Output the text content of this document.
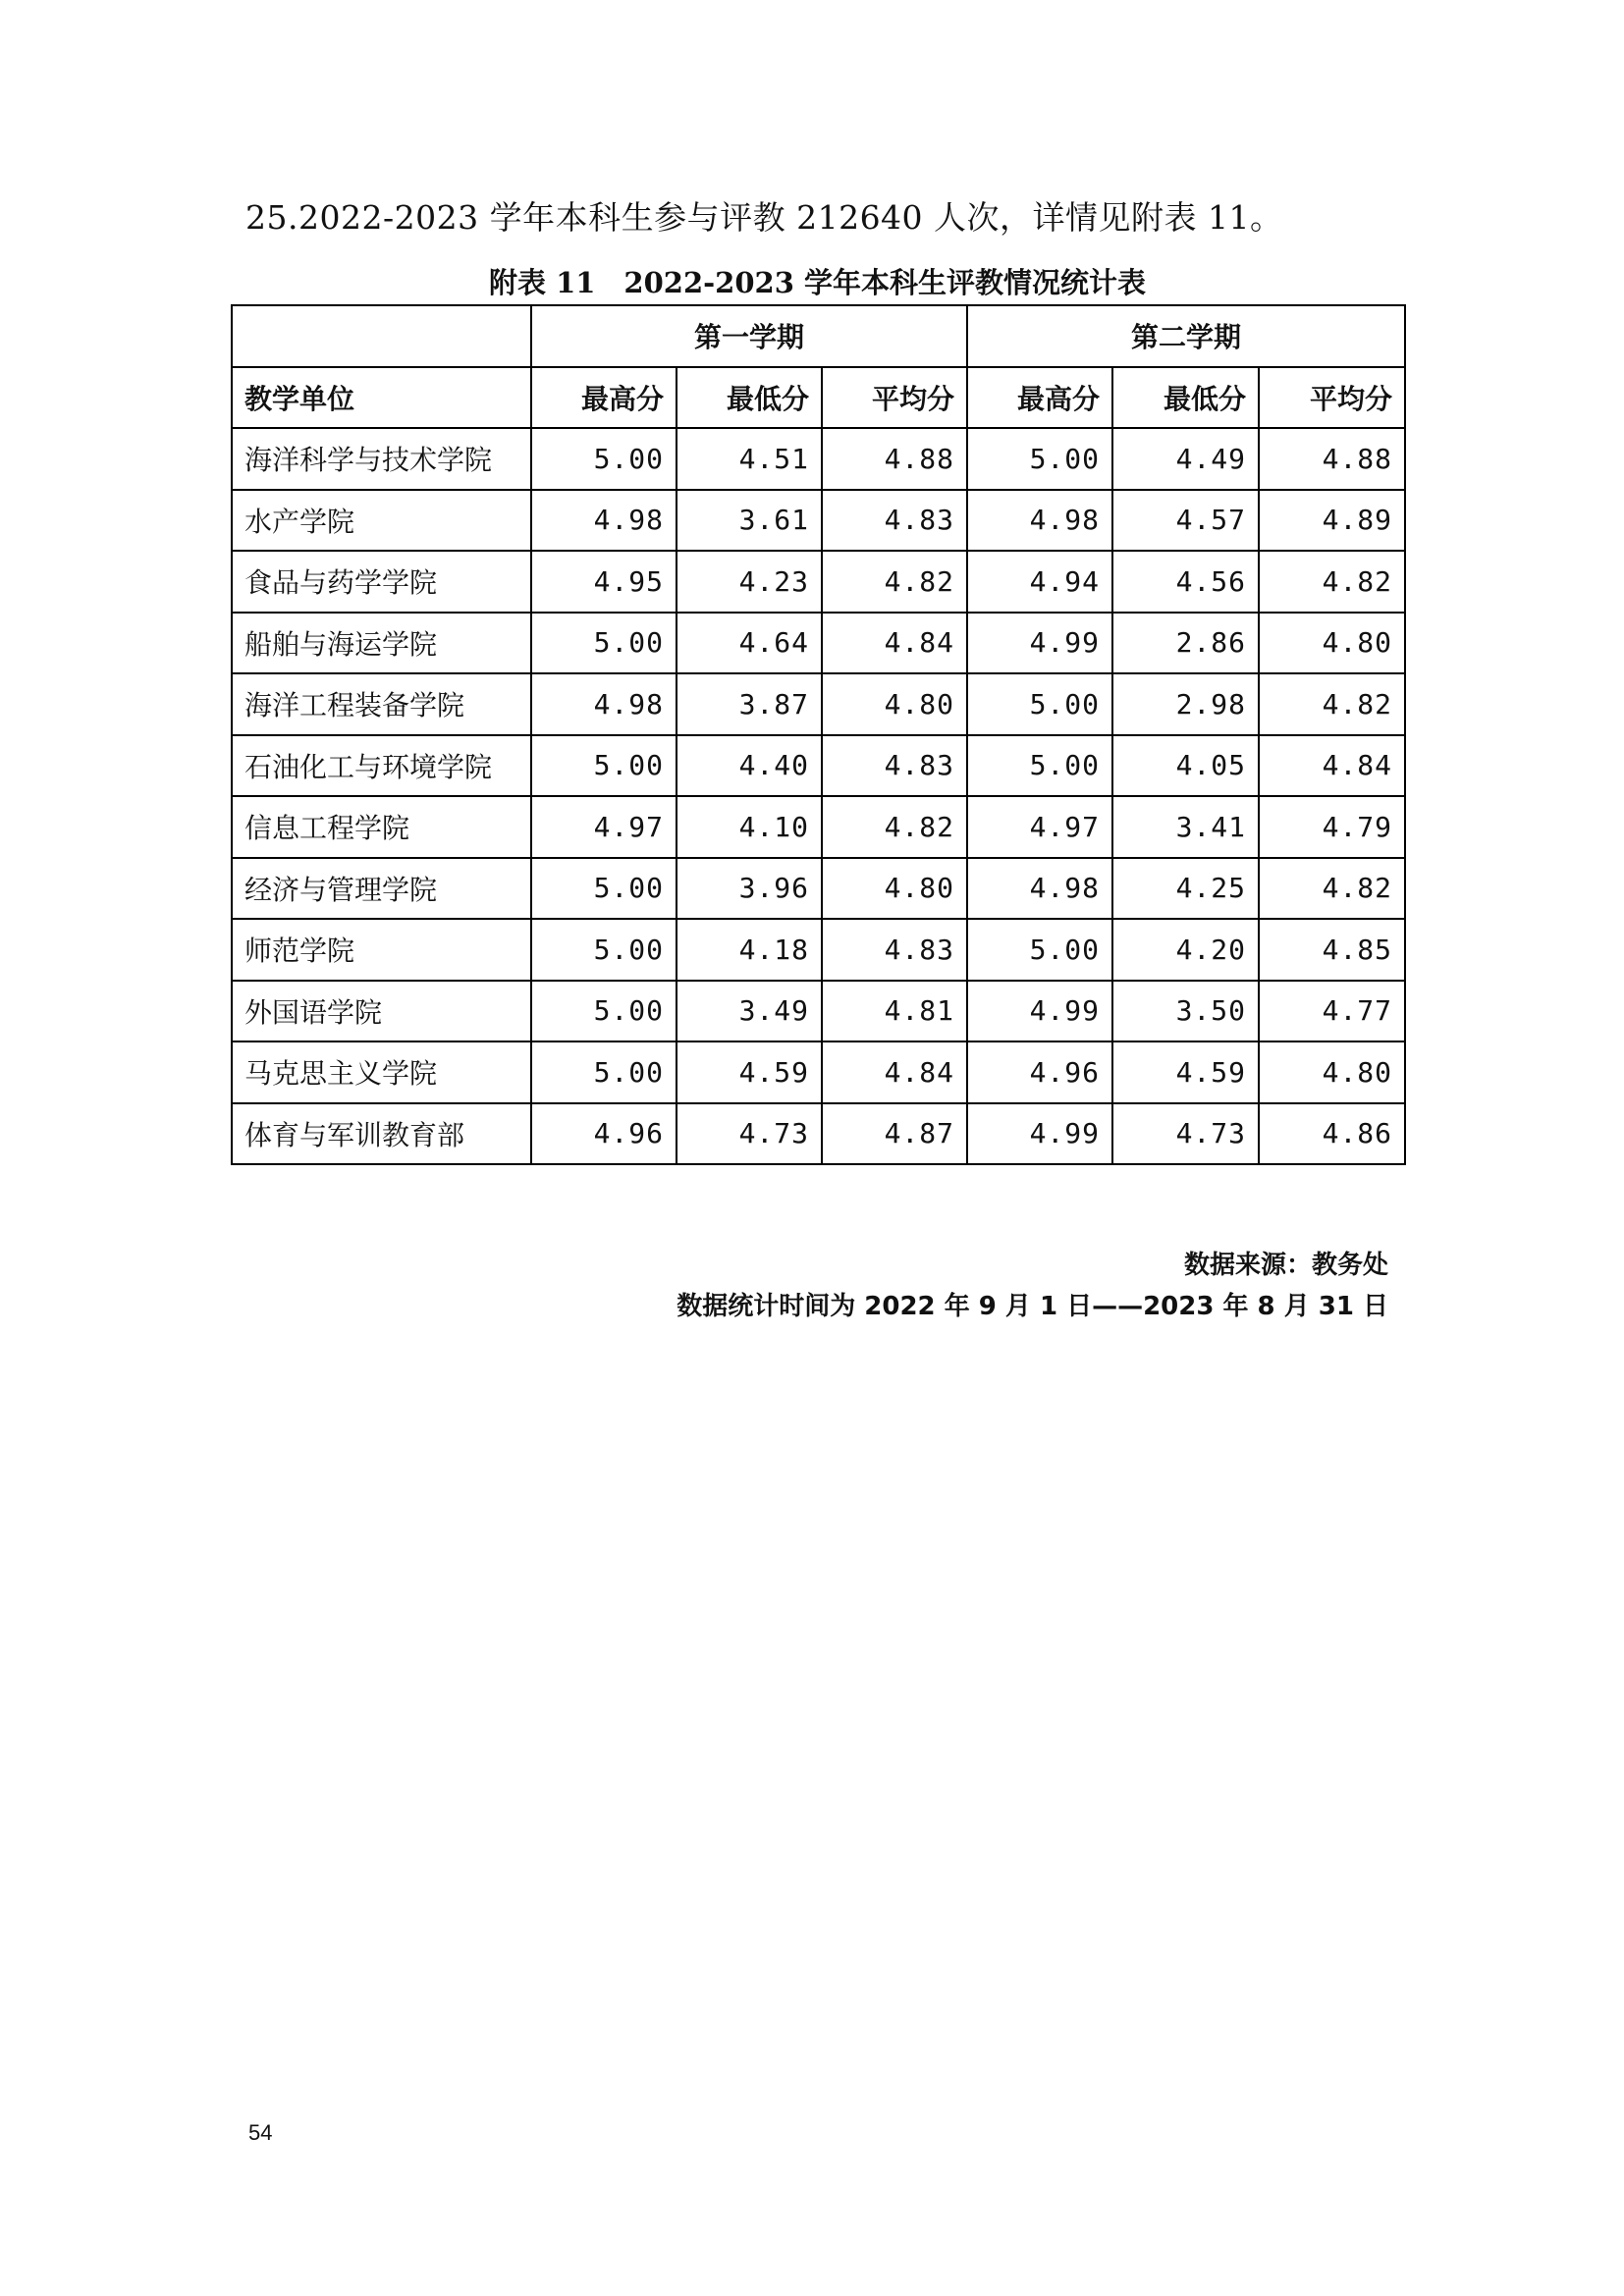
25.2022-2023 学年本科生参与评教 212640 人次，详情见附表 11。
附表 11　2022-2023 学年本科生评教情况统计表
	第一学期			第二学期		
教学单位	最高分	最低分	平均分	最高分	最低分	平均分
海洋科学与技术学院	5.00	4.51	4.88	5.00	4.49	4.88
水产学院	4.98	3.61	4.83	4.98	4.57	4.89
食品与药学学院	4.95	4.23	4.82	4.94	4.56	4.82
船舶与海运学院	5.00	4.64	4.84	4.99	2.86	4.80
海洋工程装备学院	4.98	3.87	4.80	5.00	2.98	4.82
石油化工与环境学院	5.00	4.40	4.83	5.00	4.05	4.84
信息工程学院	4.97	4.10	4.82	4.97	3.41	4.79
经济与管理学院	5.00	3.96	4.80	4.98	4.25	4.82
师范学院	5.00	4.18	4.83	5.00	4.20	4.85
外国语学院	5.00	3.49	4.81	4.99	3.50	4.77
马克思主义学院	5.00	4.59	4.84	4.96	4.59	4.80
体育与军训教育部	4.96	4.73	4.87	4.99	4.73	4.86
数据来源：教务处
数据统计时间为 2022 年 9 月 1 日——2023 年 8 月 31 日
54
